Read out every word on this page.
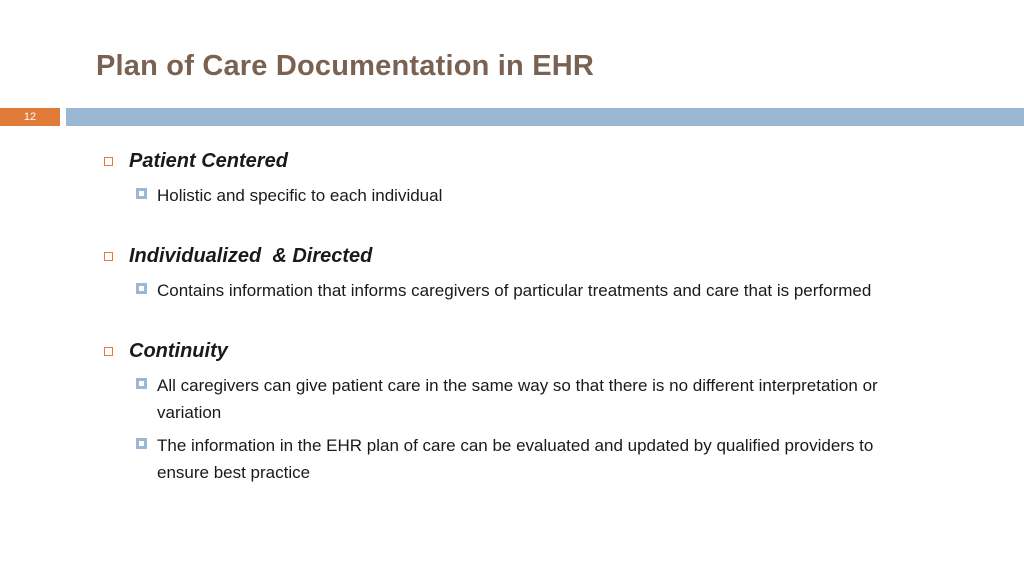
Plan of Care Documentation in EHR
12
Patient Centered
Holistic and specific to each individual
Individualized  & Directed
Contains information that informs caregivers of particular treatments and care that is performed
Continuity
All caregivers can give patient care in the same way so that there is no different interpretation or variation
The information in the EHR plan of care can be evaluated and updated by qualified providers to ensure best practice
